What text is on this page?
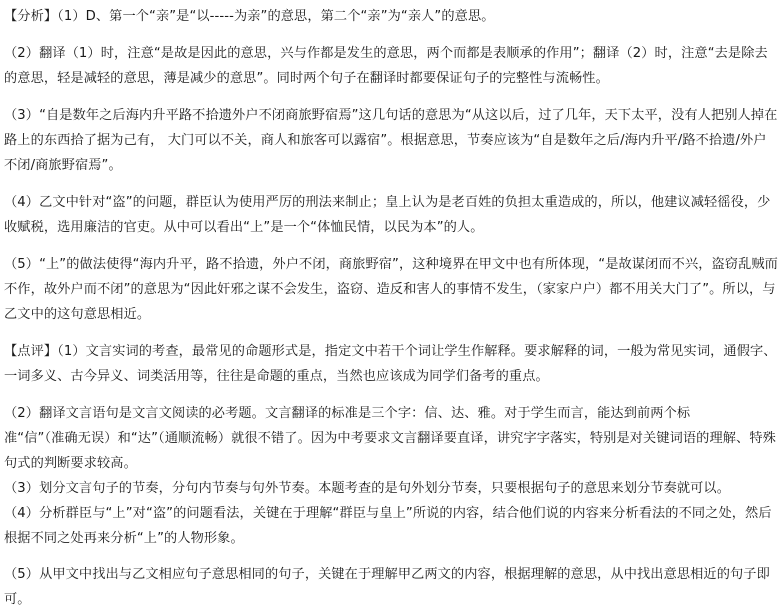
【分析】（1）D、第一个“亲”是“以-----为亲”的意思，第二个“亲”为“亲人”的意思。

（2）翻译（1）时，注意“是故是因此的意思，兴与作都是发生的意思，两个而都是表顺承的作用”；翻译（2）时，注意“去是除去的意思，轻是减轻的意思，薄是减少的意思”。同时两个句子在翻译时都要保证句子的完整性与流畅性。

（3）“自是数年之后海内升平路不拾遗外户不闭商旅野宿焉”这几句话的意思为“从这以后，过了几年，天下太平，没有人把别人掉在路上的东西拾了据为己有， 大门可以不关，商人和旅客可以露宿”。根据意思，节奏应该为“自是数年之后/海内升平/路不拾遗/外户不闭/商旅野宿焉”。

（4）乙文中针对“盗”的问题，群臣认为使用严厉的刑法来制止；皇上认为是老百姓的负担太重造成的，所以，他建议减轻徭役，少收赋税，选用廉洁的官吏。从中可以看出“上”是一个“体恤民情，以民为本”的人。

（5）“上”的做法使得“海内升平，路不拾遗，外户不闭，商旅野宿”，这种境界在甲文中也有所体现，“是故谋闭而不兴，盗窃乱贼而不作，故外户而不闭”的意思为“因此奸邪之谋不会发生，盗窃、造反和害人的事情不发生，（家家户户）都不用关大门了”。所以，与乙文中的这句意思相近。

【点评】（1）文言实词的考查，最常见的命题形式是，指定文中若干个词让学生作解释。要求解释的词，一般为常见实词，通假字、一词多义、古今异义、词类活用等，往往是命题的重点，当然也应该成为同学们备考的重点。

（2）翻译文言语句是文言文阅读的必考题。文言翻译的标准是三个字：信、达、雅。对于学生而言，能达到前两个标

准“信”（准确无误）和“达”（通顺流畅）就很不错了。因为中考要求文言翻译要直译，讲究字字落实，特别是对关键词语的理解、特殊句式的判断要求较高。

（3）划分文言句子的节奏，分句内节奏与句外节奏。本题考查的是句外划分节奏，只要根据句子的意思来划分节奏就可以。

（4）分析群臣与“上”对“盗”的问题看法，关键在于理解“群臣与皇上”所说的内容，结合他们说的内容来分析看法的不同之处，然后根据不同之处再来分析“上”的人物形象。

（5）从甲文中找出与乙文相应句子意思相同的句子，关键在于理解甲乙两文的内容，根据理解的意思，从中找出意思相近的句子即可。
